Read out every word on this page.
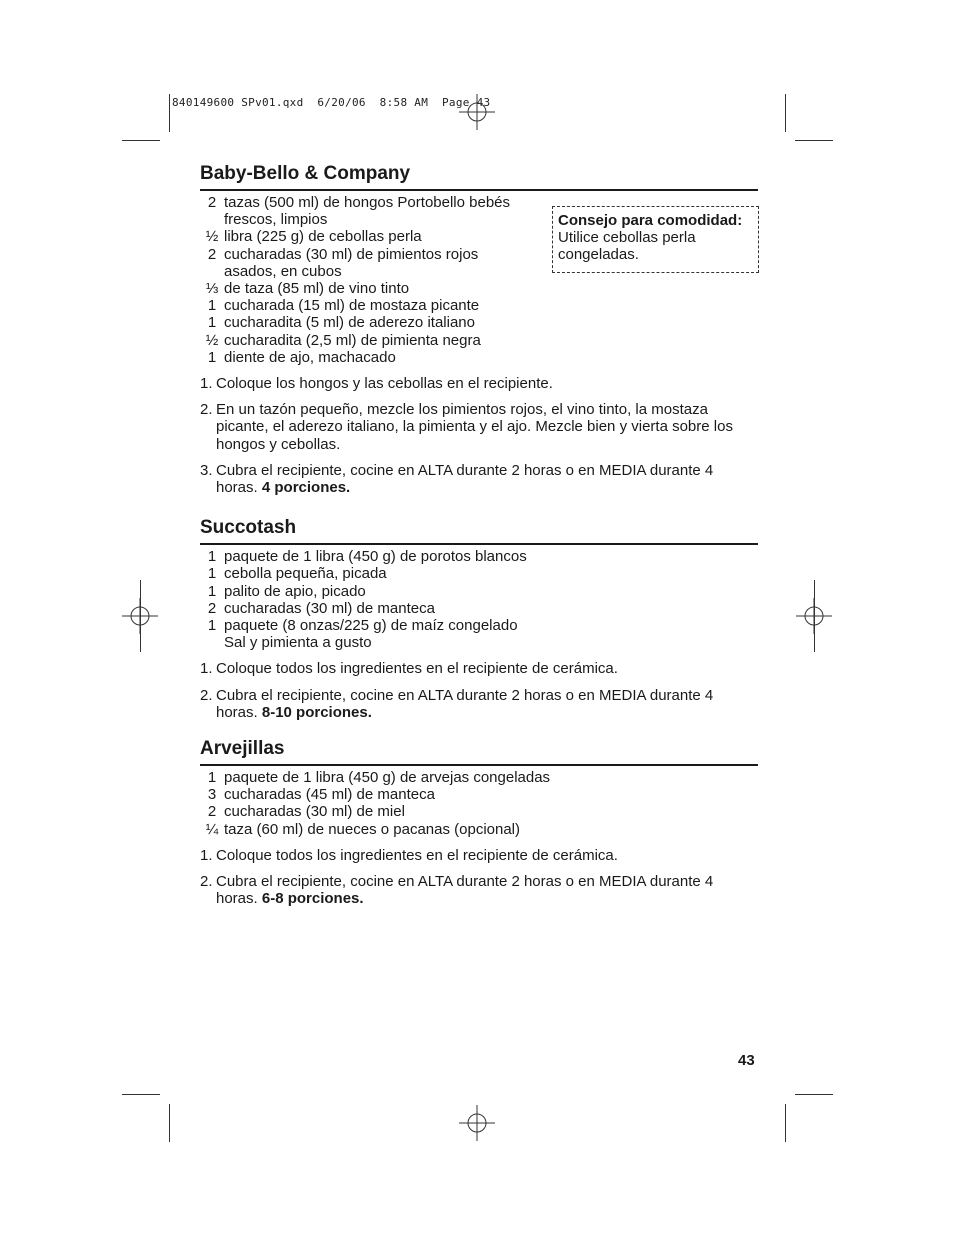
840149600 SPv01.qxd  6/20/06  8:58 AM  Page 43
Baby-Bello & Company
2 tazas (500 ml) de hongos Portobello bebés frescos, limpios
½ libra (225 g) de cebollas perla
2 cucharadas (30 ml) de pimientos rojos asados, en cubos
⅓ de taza (85 ml) de vino tinto
1 cucharada (15 ml) de mostaza picante
1 cucharadita (5 ml) de aderezo italiano
½ cucharadita (2,5 ml) de pimienta negra
1 diente de ajo, machacado
Consejo para comodidad:
Utilice cebollas perla congeladas.
1. Coloque los hongos y las cebollas en el recipiente.
2. En un tazón pequeño, mezcle los pimientos rojos, el vino tinto, la mostaza picante, el aderezo italiano, la pimienta y el ajo. Mezcle bien y vierta sobre los hongos y cebollas.
3. Cubra el recipiente, cocine en ALTA durante 2 horas o en MEDIA durante 4 horas. 4 porciones.
Succotash
1 paquete de 1 libra (450 g) de porotos blancos
1 cebolla pequeña, picada
1 palito de apio, picado
2 cucharadas (30 ml) de manteca
1 paquete (8 onzas/225 g) de maíz congelado
Sal y pimienta a gusto
1. Coloque todos los ingredientes en el recipiente de cerámica.
2. Cubra el recipiente, cocine en ALTA durante 2 horas o en MEDIA durante 4 horas. 8-10 porciones.
Arvejillas
1 paquete de 1 libra (450 g) de arvejas congeladas
3 cucharadas (45 ml) de manteca
2 cucharadas (30 ml) de miel
¼ taza (60 ml) de nueces o pacanas (opcional)
1. Coloque todos los ingredientes en el recipiente de cerámica.
2. Cubra el recipiente, cocine en ALTA durante 2 horas o en MEDIA durante 4 horas. 6-8 porciones.
43
